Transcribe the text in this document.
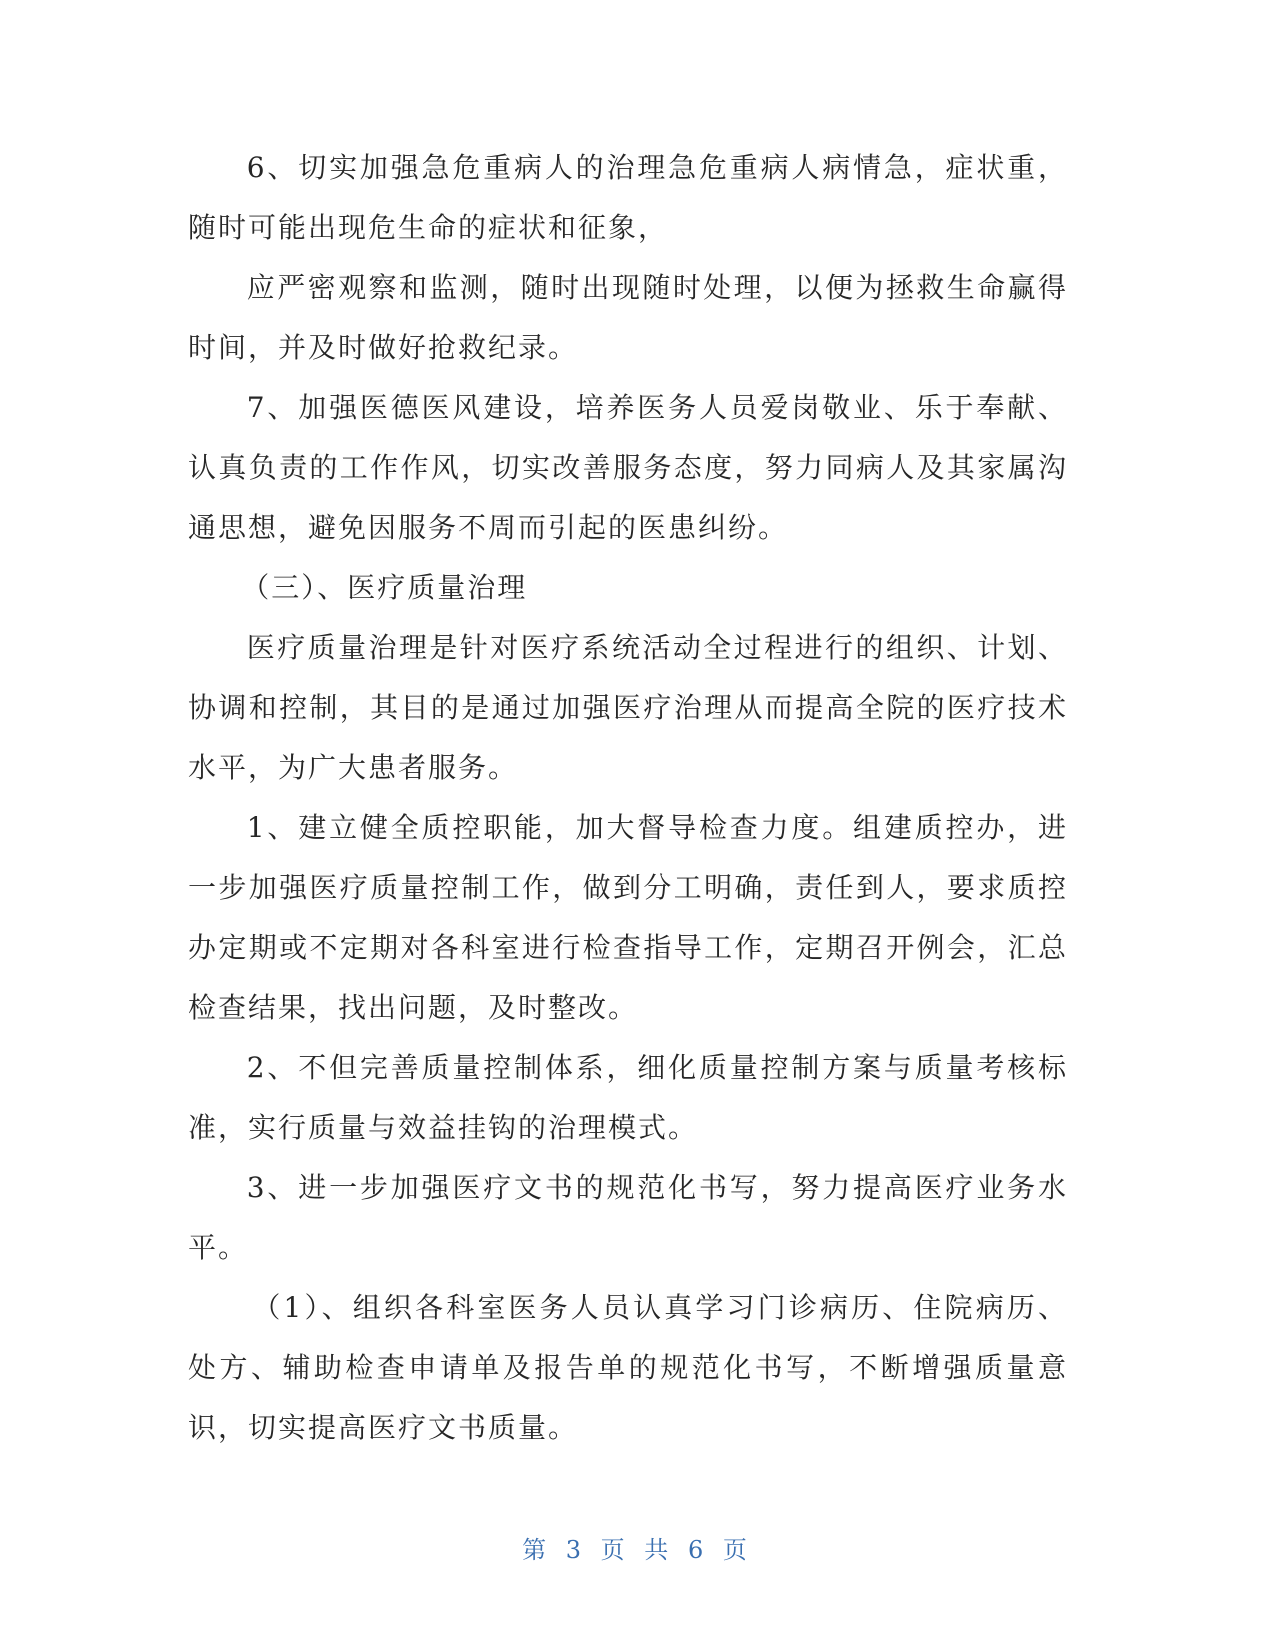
6、切实加强急危重病人的治理急危重病人病情急，症状重，随时可能出现危生命的症状和征象，

应严密观察和监测，随时出现随时处理，以便为拯救生命赢得时间，并及时做好抢救纪录。

7、加强医德医风建设，培养医务人员爱岗敬业、乐于奉献、认真负责的工作作风，切实改善服务态度，努力同病人及其家属沟通思想，避免因服务不周而引起的医患纠纷。

（三）、医疗质量治理

医疗质量治理是针对医疗系统活动全过程进行的组织、计划、协调和控制，其目的是通过加强医疗治理从而提高全院的医疗技术水平，为广大患者服务。

1、建立健全质控职能，加大督导检查力度。组建质控办，进一步加强医疗质量控制工作，做到分工明确，责任到人，要求质控办定期或不定期对各科室进行检查指导工作，定期召开例会，汇总检查结果，找出问题，及时整改。

2、不但完善质量控制体系，细化质量控制方案与质量考核标准，实行质量与效益挂钩的治理模式。

3、进一步加强医疗文书的规范化书写，努力提高医疗业务水平。

（1）、组织各科室医务人员认真学习门诊病历、住院病历、处方、辅助检查申请单及报告单的规范化书写，不断增强质量意识，切实提高医疗文书质量。

第 3 页 共 6 页
